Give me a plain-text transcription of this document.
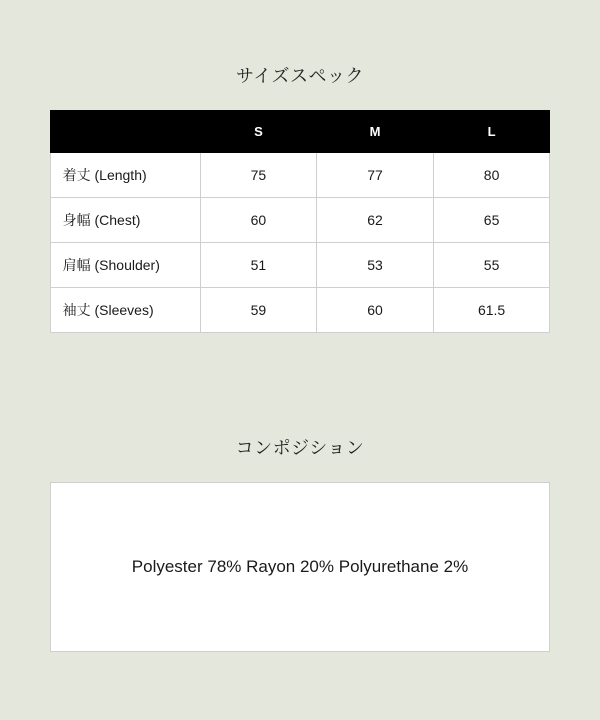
サイズスペック
	S	M	L
着丈 (Length)	75	77	80
身幅 (Chest)	60	62	65
肩幅 (Shoulder)	51	53	55
袖丈 (Sleeves)	59	60	61.5
コンポジション
Polyester 78% Rayon 20% Polyurethane 2%
